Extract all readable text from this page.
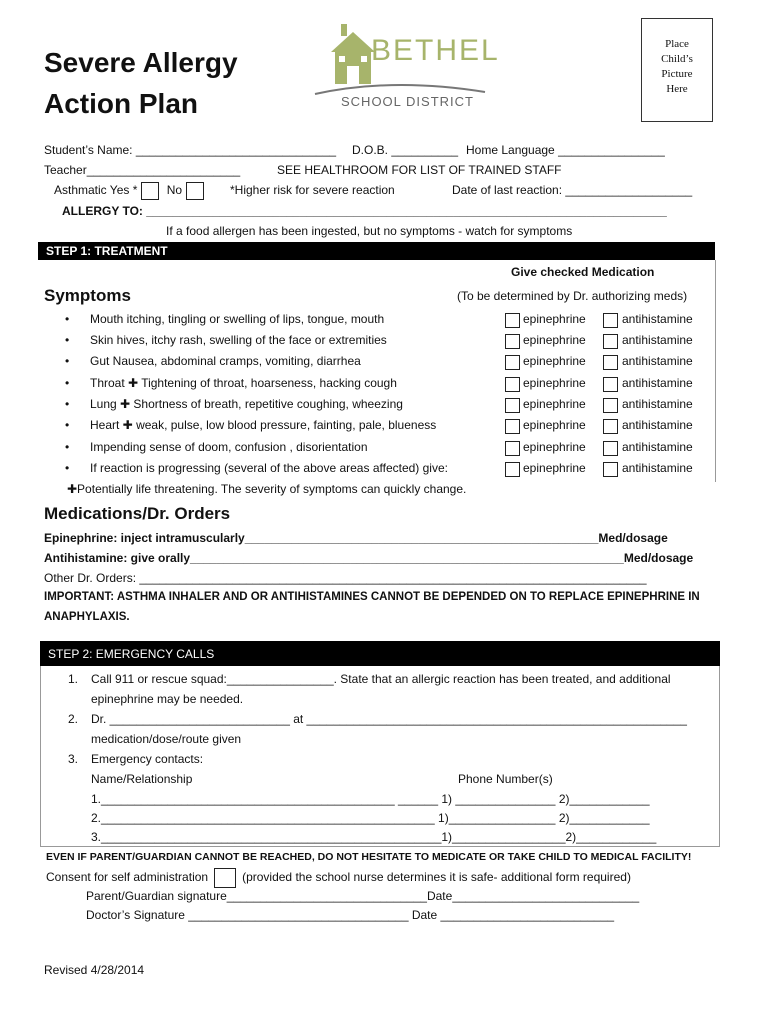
Severe Allergy
Action Plan
BETHEL
SCHOOL DISTRICT
Place
Child’s
Picture
Here
Student’s Name: ______________________________ D.O.B. __________ Home Language ________________
Teacher_______________________	SEE HEALTHROOM FOR LIST OF TRAINED STAFF
Asthmatic Yes * No	*Higher risk for severe reaction	Date of last reaction: ___________________
ALLERGY TO: ______________________________________________________________________________
If a food allergen has been ingested, but no symptoms - watch for symptoms
STEP 1: TREATMENT
Give checked Medication
Symptoms	(To be determined by Dr. authorizing meds)
• Mouth itching, tingling or swelling of lips, tongue, mouth	epinephrine	antihistamine
• Skin hives, itchy rash, swelling of the face or extremities	epinephrine	antihistamine
• Gut Nausea, abdominal cramps, vomiting, diarrhea	epinephrine	antihistamine
• Throat ✚ Tightening of throat, hoarseness, hacking cough	epinephrine	antihistamine
• Lung ✚ Shortness of breath, repetitive coughing, wheezing	epinephrine	antihistamine
• Heart ✚ weak, pulse, low blood pressure, fainting, pale, blueness	epinephrine	antihistamine
• Impending sense of doom, confusion , disorientation	epinephrine	antihistamine
• If reaction is progressing (several of the above areas affected) give:	epinephrine	antihistamine
✚Potentially life threatening. The severity of symptoms can quickly change.
Medications/Dr. Orders
Epinephrine: inject intramuscularly_____________________________________________________Med/dosage
Antihistamine: give orally_________________________________________________________________Med/dosage
Other Dr. Orders: ____________________________________________________________________________
IMPORTANT: ASTHMA INHALER AND OR ANTIHISTAMINES CANNOT BE DEPENDED ON TO REPLACE EPINEPHRINE IN
ANAPHYLAXIS.
STEP 2: EMERGENCY CALLS
1. Call 911 or rescue squad:________________. State that an allergic reaction has been treated, and additional
epinephrine may be needed.
2. Dr. ___________________________ at _________________________________________________________
medication/dose/route given
3. Emergency contacts:
Name/Relationship	Phone Number(s)
1.____________________________________________ ______ 1) _______________ 2)____________
2.__________________________________________________ 1)________________ 2)____________
3.___________________________________________________1)_________________2)____________
EVEN IF PARENT/GUARDIAN CANNOT BE REACHED, DO NOT HESITATE TO MEDICATE OR TAKE CHILD TO MEDICAL FACILITY!
Consent for self administration	(provided the school nurse determines it is safe- additional form required)
Parent/Guardian signature______________________________Date____________________________
Doctor’s Signature _________________________________ Date __________________________
Revised 4/28/2014
